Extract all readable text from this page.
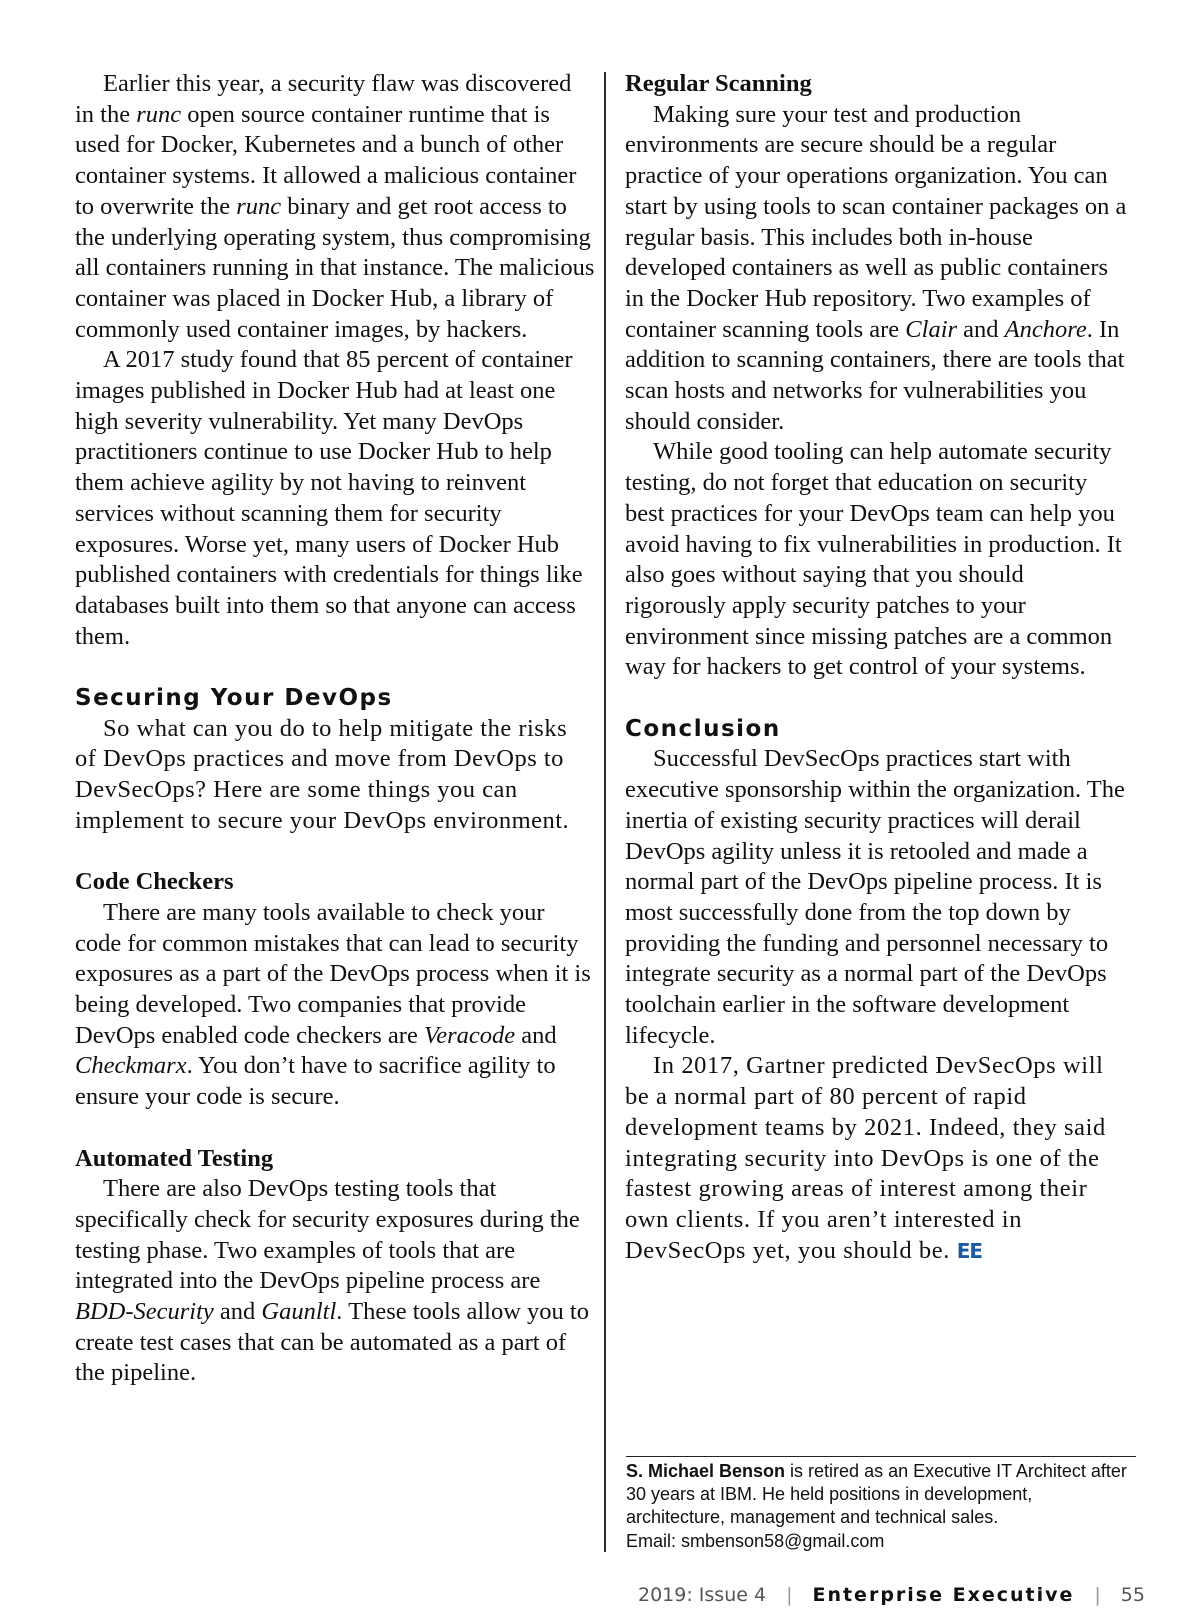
Earlier this year, a security flaw was discovered in the runc open source container runtime that is used for Docker, Kubernetes and a bunch of other container systems. It allowed a malicious container to overwrite the runc binary and get root access to the underlying operating system, thus compromising all containers running in that instance. The malicious container was placed in Docker Hub, a library of commonly used container images, by hackers.

A 2017 study found that 85 percent of container images published in Docker Hub had at least one high severity vulnerability. Yet many DevOps practitioners continue to use Docker Hub to help them achieve agility by not having to reinvent services without scanning them for security exposures. Worse yet, many users of Docker Hub published containers with credentials for things like databases built into them so that anyone can access them.

Securing Your DevOps

So what can you do to help mitigate the risks of DevOps practices and move from DevOps to DevSecOps? Here are some things you can implement to secure your DevOps environment.

Code Checkers

There are many tools available to check your code for common mistakes that can lead to security exposures as a part of the DevOps process when it is being developed. Two companies that provide DevOps enabled code checkers are Veracode and Checkmarx. You don’t have to sacrifice agility to ensure your code is secure.

Automated Testing

There are also DevOps testing tools that specifically check for security exposures during the testing phase. Two examples of tools that are integrated into the DevOps pipeline process are BDD-Security and Gaunltl. These tools allow you to create test cases that can be automated as a part of the pipeline.

Regular Scanning

Making sure your test and production environments are secure should be a regular practice of your operations organization. You can start by using tools to scan container packages on a regular basis. This includes both in-house developed containers as well as public containers in the Docker Hub repository. Two examples of container scanning tools are Clair and Anchore. In addition to scanning containers, there are tools that scan hosts and networks for vulnerabilities you should consider.

While good tooling can help automate security testing, do not forget that education on security best practices for your DevOps team can help you avoid having to fix vulnerabilities in production. It also goes without saying that you should rigorously apply security patches to your environment since missing patches are a common way for hackers to get control of your systems.

Conclusion

Successful DevSecOps practices start with executive sponsorship within the organization. The inertia of existing security practices will derail DevOps agility unless it is retooled and made a normal part of the DevOps pipeline process. It is most successfully done from the top down by providing the funding and personnel necessary to integrate security as a normal part of the DevOps toolchain earlier in the software development lifecycle.

In 2017, Gartner predicted DevSecOps will be a normal part of 80 percent of rapid development teams by 2021. Indeed, they said integrating security into DevOps is one of the fastest growing areas of interest among their own clients. If you aren’t interested in DevSecOps yet, you should be. EE

S. Michael Benson is retired as an Executive IT Architect after 30 years at IBM. He held positions in development, architecture, management and technical sales.
Email: smbenson58@gmail.com
2019: Issue 4 | Enterprise Executive | 55
